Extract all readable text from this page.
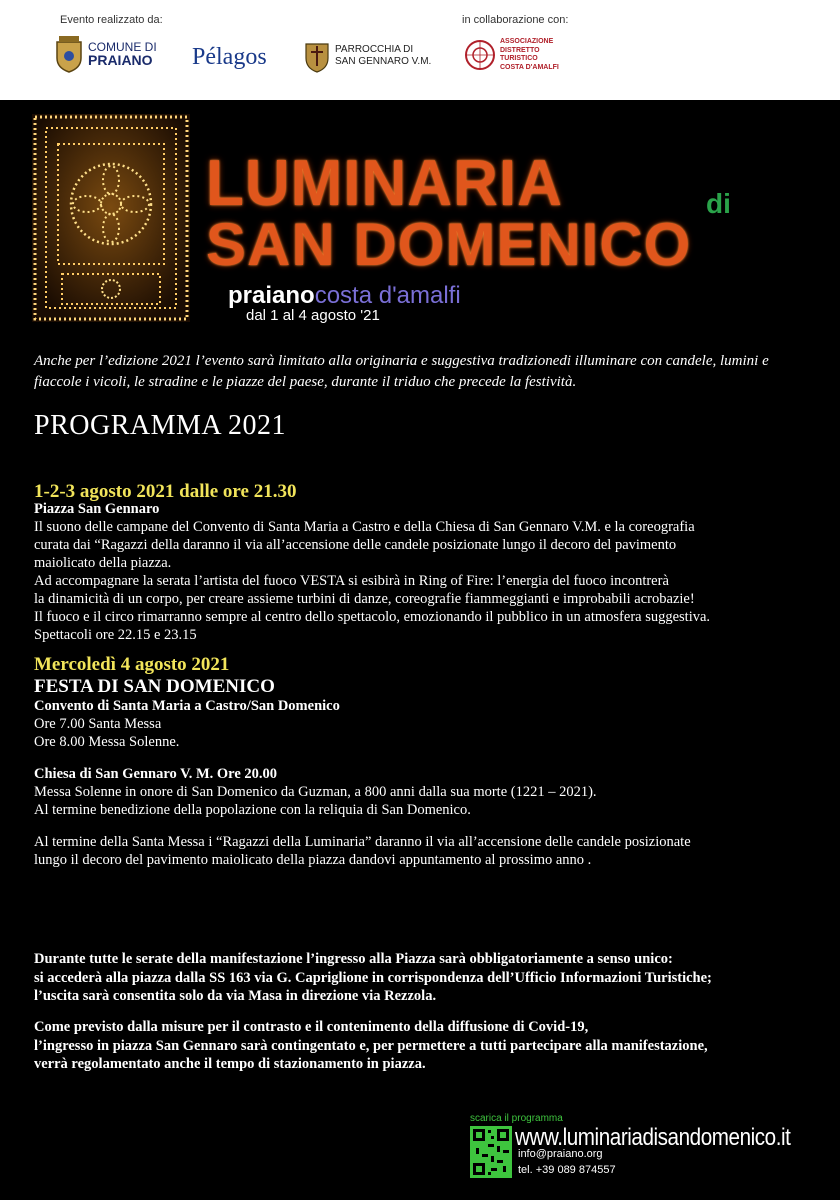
Evento realizzato da:	in collaborazione con:
COMUNE DI
PRAIANO Pélagos	PARROCCHIA DI
SAN GENNARO V.M.
ASSOCIAZIONE
DISTRETTO
TURISTICO
COSTA D'AMALFI
LUMINARIA	di
SAN DOMENICO
praianocosta d'amalfi
dal 1 al 4 agosto '21
Anche per l’edizione 2021 l’evento sarà limitato alla originaria e suggestiva tradizionedi illuminare con candele, lumini e fiaccole i vicoli, le stradine e le piazze del paese, durante il triduo che precede la festività.
PROGRAMMA 2021
1-2-3 agosto 2021 dalle ore 21.30
Piazza San Gennaro
Il suono delle campane del Convento di Santa Maria a Castro e della Chiesa di San Gennaro V.M. e la coreografia
curata dai “Ragazzi della daranno il via all’accensione delle candele posizionate lungo il decoro del pavimento
maiolicato della piazza.
Ad accompagnare la serata l’artista del fuoco VESTA si esibirà in Ring of Fire: l’energia del fuoco incontrerà
la dinamicità di un corpo, per creare assieme turbini di danze, coreografie fiammeggianti e improbabili acrobazie!
Il fuoco e il circo rimarranno sempre al centro dello spettacolo, emozionando il pubblico in un atmosfera suggestiva.
Spettacoli ore 22.15 e 23.15
Mercoledì 4 agosto 2021
FESTA DI SAN DOMENICO
Convento di Santa Maria a Castro/San Domenico
Ore 7.00 Santa Messa
Ore 8.00 Messa Solenne.
Chiesa di San Gennaro V. M. Ore 20.00
Messa Solenne in onore di San Domenico da Guzman, a 800 anni dalla sua morte (1221 – 2021).
Al termine benedizione della popolazione con la reliquia di San Domenico.
Al termine della Santa Messa i “Ragazzi della Luminaria” daranno il via all’accensione delle candele posizionate
lungo il decoro del pavimento maiolicato della piazza dandovi appuntamento al prossimo anno .
Durante tutte le serate della manifestazione l’ingresso alla Piazza sarà obbligatoriamente a senso unico:
si accederà alla piazza dalla SS 163 via G. Capriglione in corrispondenza dell’Ufficio Informazioni Turistiche;
l’uscita sarà consentita solo da via Masa in direzione via Rezzola.
Come previsto dalla misure per il contrasto e il contenimento della diffusione di Covid-19,
l’ingresso in piazza San Gennaro sarà contingentato e, per permettere a tutti partecipare alla manifestazione,
verrà regolamentato anche il tempo di stazionamento in piazza.
scarica il programma
www.luminariadisandomenico.it
info@praiano.org
tel. +39 089 874557
